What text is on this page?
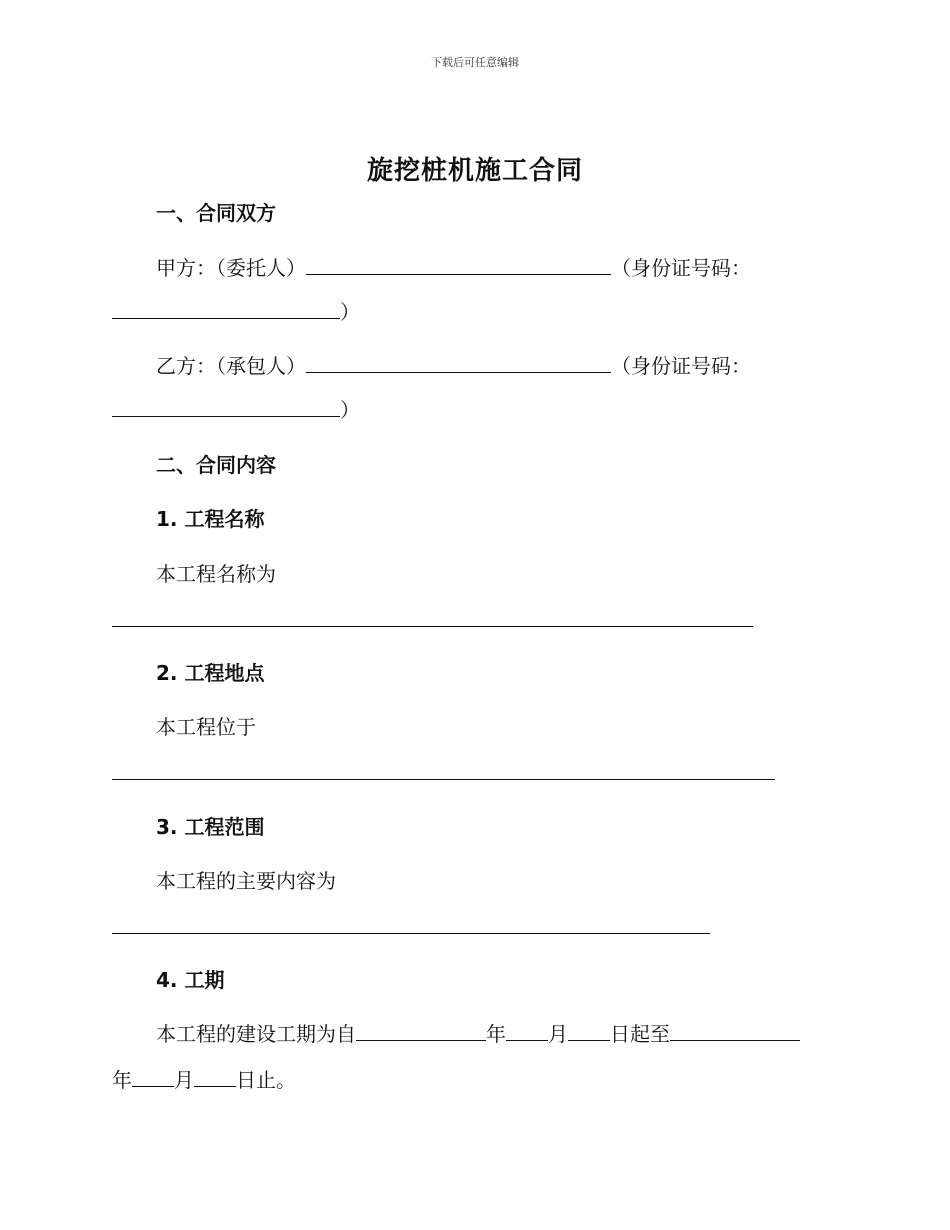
下载后可任意编辑
旋挖桩机施工合同
一、合同双方
甲方：（委托人）	（身份证号码：
）
乙方：（承包人）	（身份证号码：
）
二、合同内容
1. 工程名称
本工程名称为
2. 工程地点
本工程位于
3. 工程范围
本工程的主要内容为
4. 工期
本工程的建设工期为自	年 月 日起至
年 月 日止。
